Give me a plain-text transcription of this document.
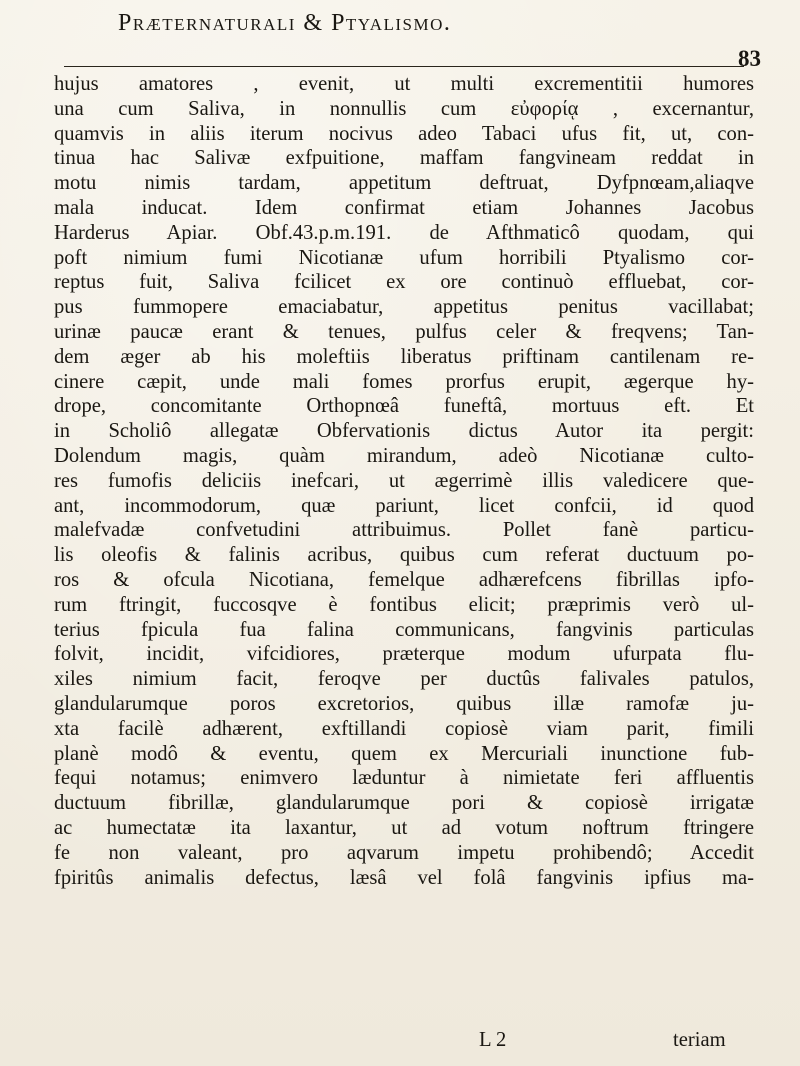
Præternaturali & Ptyalismo.
83
hujus amatores , evenit, ut multi excrementitii humores
una cum Saliva, in nonnullis cum εὐφορίᾳ , excernantur,
quamvis in aliis iterum nocivus adeo Tabaci ufus fit, ut, con-
tinua hac Salivæ exfpuitione, maffam fangvineam reddat in
motu nimis tardam, appetitum deftruat, Dyfpnœam,aliaqve
mala inducat. Idem confirmat etiam Johannes Jacobus
Harderus Apiar. Obf.43.p.m.191. de Afthmaticô quodam, qui
poft nimium fumi Nicotianæ ufum horribili Ptyalismo cor-
reptus fuit, Saliva fcilicet ex ore continuò effluebat, cor-
pus fummopere emaciabatur, appetitus penitus vacillabat;
urinæ paucæ erant & tenues, pulfus celer & freqvens; Tan-
dem æger ab his moleftiis liberatus priftinam cantilenam re-
cinere cæpit, unde mali fomes prorfus erupit, ægerque hy-
drope, concomitante Orthopnœâ funeftâ, mortuus eft. Et
in Scholiô allegatæ Obfervationis dictus Autor ita pergit:
Dolendum magis, quàm mirandum, adeò Nicotianæ culto-
res fumofis deliciis inefcari, ut ægerrimè illis valedicere que-
ant, incommodorum, quæ pariunt, licet confcii, id quod
malefvadæ confvetudini attribuimus. Pollet fanè particu-
lis oleofis & falinis acribus, quibus cum referat ductuum po-
ros & ofcula Nicotiana, femelque adhærefcens fibrillas ipfo-
rum ftringit, fuccosqve è fontibus elicit; præprimis verò ul-
terius fpicula fua falina communicans, fangvinis particulas
folvit, incidit, vifcidiores, præterque modum ufurpata flu-
xiles nimium facit, feroqve per ductûs falivales patulos,
glandularumque poros excretorios, quibus illæ ramofæ ju-
xta facilè adhærent, exftillandi copiosè viam parit, fimili
planè modô & eventu, quem ex Mercuriali inunctione fub-
fequi notamus; enimvero læduntur à nimietate feri affluentis
ductuum fibrillæ, glandularumque pori & copiosè irrigatæ
ac humectatæ ita laxantur, ut ad votum noftrum ftringere
fe non valeant, pro aqvarum impetu prohibendô; Accedit
fpiritûs animalis defectus, læsâ vel folâ fangvinis ipfius ma-
L 2	teriam
